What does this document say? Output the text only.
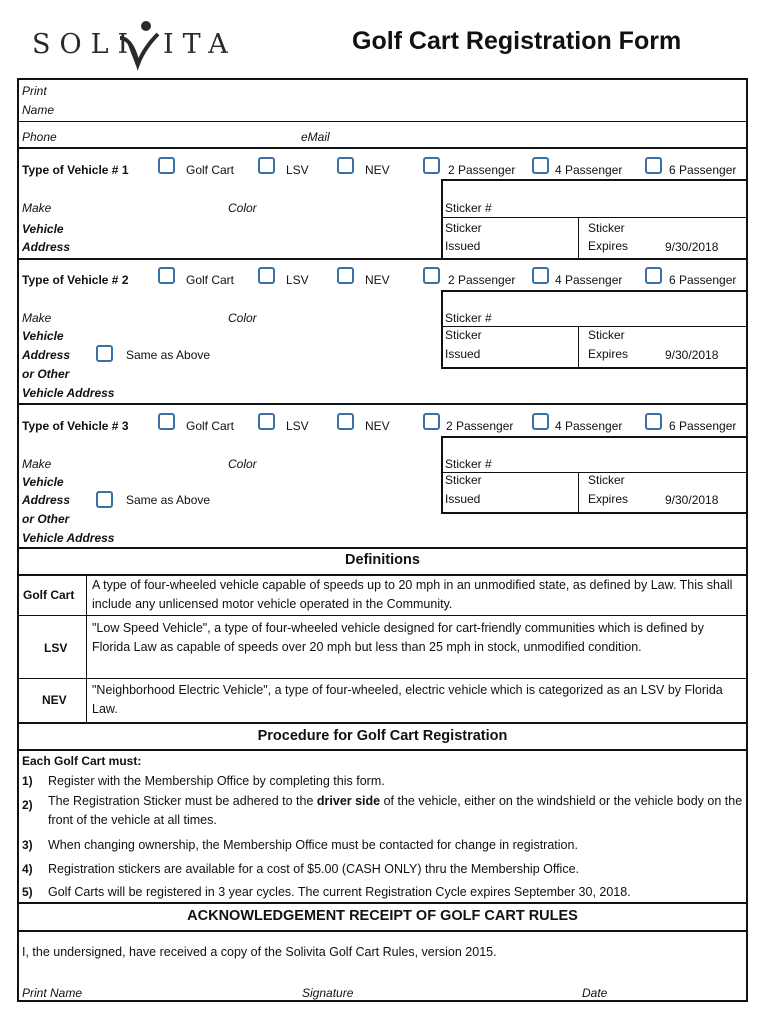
SOLI ITA	Golf Cart Registration Form
Print
Name
Phone	eMail
Type of Vehicle # 1	Golf Cart	LSV	NEV	2 Passenger	4 Passenger	6 Passenger
Make	Color	Sticker #
Vehicle
Address
Sticker
Issued
Sticker
Expires	9/30/2018
Type of Vehicle # 2	Golf Cart	LSV	NEV	2 Passenger	4 Passenger	6 Passenger
Make	Color	Sticker #
Vehicle
Address	Same as Above
or Other
Vehicle Address
Sticker
Issued
Sticker
Expires	9/30/2018
Type of Vehicle # 3	Golf Cart	LSV	NEV	2 Passenger	4 Passenger	6 Passenger
Make	Color	Sticker #
Vehicle
Address	Same as Above
or Other
Vehicle Address
Sticker
Issued
Sticker
Expires	9/30/2018
Definitions
Golf Cart
A type of four-wheeled vehicle capable of speeds up to 20 mph in an unmodified state, as defined by Law. This shall include any unlicensed motor vehicle operated in the Community.
LSV
"Low Speed Vehicle", a type of four-wheeled vehicle designed for cart-friendly communities which is defined by Florida Law as capable of speeds over 20 mph but less than 25 mph in stock, unmodified condition.
NEV
"Neighborhood Electric Vehicle", a type of four-wheeled, electric vehicle which is categorized as an LSV by Florida Law.
Procedure for Golf Cart Registration
Each Golf Cart must:
1) Register with the Membership Office by completing this form.
2) The Registration Sticker must be adhered to the driver side of the vehicle, either on the windshield or the vehicle body on the front of the vehicle at all times.
3) When changing ownership, the Membership Office must be contacted for change in registration.
4) Registration stickers are available for a cost of $5.00 (CASH ONLY) thru the Membership Office.
5) Golf Carts will be registered in 3 year cycles. The current Registration Cycle expires September 30, 2018.
ACKNOWLEDGEMENT RECEIPT OF GOLF CART RULES
I, the undersigned, have received a copy of the Solivita Golf Cart Rules, version 2015.
Print Name	Signature	Date
